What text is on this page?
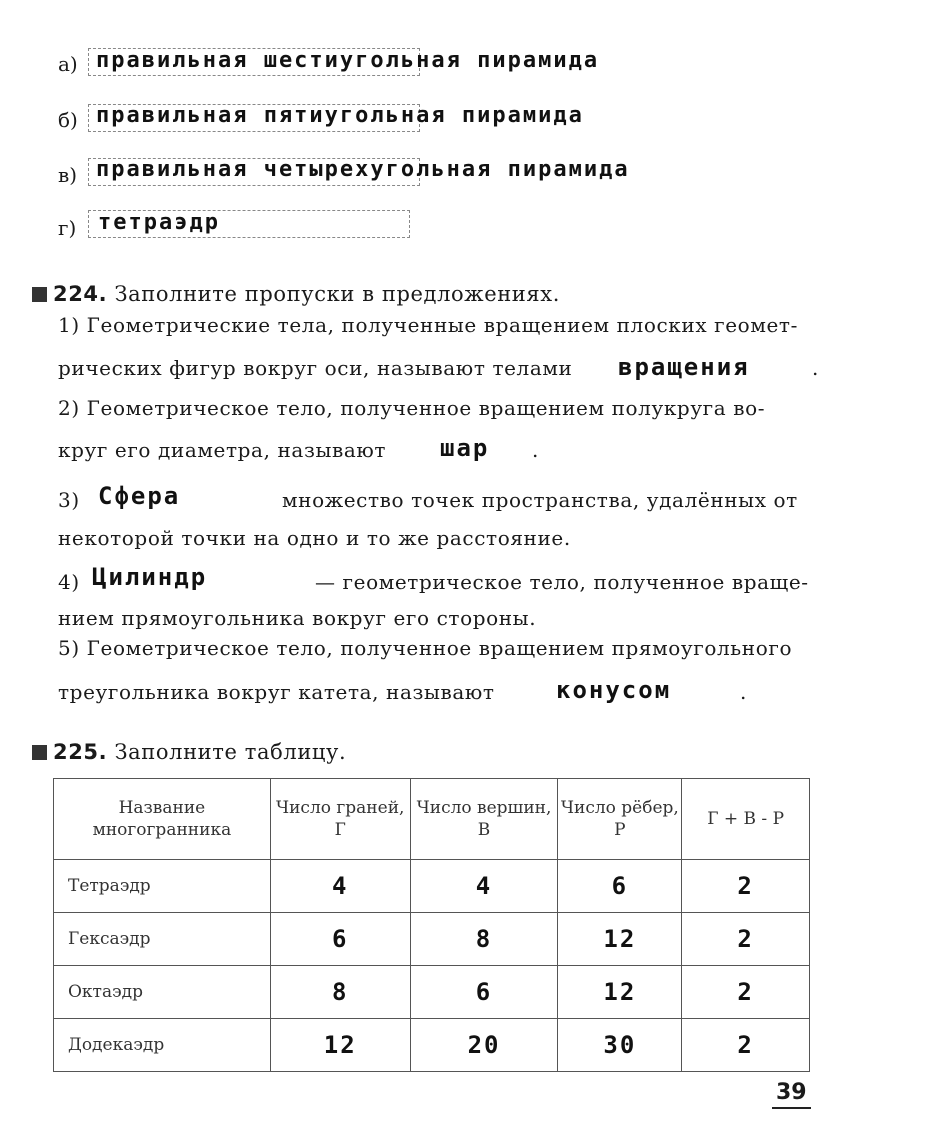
а) правильная шестиугольная пирамида
б) правильная пятиугольная пирамида
в) правильная четырехугольная пирамида
г) тетраэдр
224. Заполните пропуски в предложениях.
1) Геометрические тела, полученные вращением плоских геомет-
рических фигур вокруг оси, называют телами вращения	.
2) Геометрическое тело, полученное вращением полукруга во-
круг его диаметра, называют шар .
3) Сфера	множество точек пространства, удалённых от
некоторой точки на одно и то же расстояние.
4) Цилиндр	— геометрическое тело, полученное враще-
нием прямоугольника вокруг его стороны.
5) Геометрическое тело, полученное вращением прямоугольного
треугольника вокруг катета, называют	конусом	.
225. Заполните таблицу.
Название многогранника	Число граней, Г	Число вершин, В	Число рёбер, Р	Г + В - Р
Тетраэдр	4	4	6	2
Гексаэдр	6	8	12	2
Октаэдр	8	6	12	2
Додекаэдр	12	20	30	2
39
